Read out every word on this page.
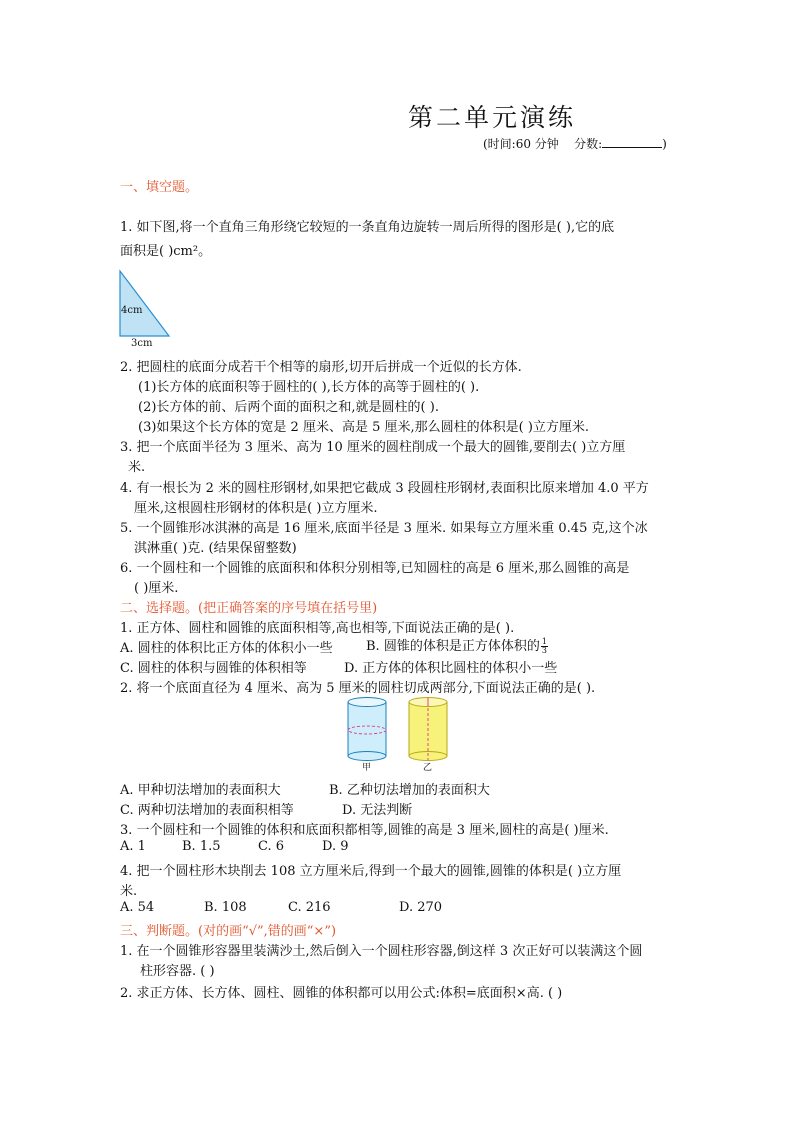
第二单元演练
(时间:60 分钟 分数:	)
一、填空题。
1. 如下图,将一个直角三角形绕它较短的一条直角边旋转一周后所得的图形是( ),它的底
面积是( )cm²。
4cm
3cm
2. 把圆柱的底面分成若干个相等的扇形,切开后拼成一个近似的长方体.
(1)长方体的底面积等于圆柱的( ),长方体的高等于圆柱的( ).
(2)长方体的前、后两个面的面积之和,就是圆柱的( ).
(3)如果这个长方体的宽是 2 厘米、高是 5 厘米,那么圆柱的体积是( )立方厘米.
3. 把一个底面半径为 3 厘米、高为 10 厘米的圆柱削成一个最大的圆锥,要削去( )立方厘
米.
4. 有一根长为 2 米的圆柱形钢材,如果把它截成 3 段圆柱形钢材,表面积比原来增加 4.0 平方
厘米,这根圆柱形钢材的体积是( )立方厘米.
5. 一个圆锥形冰淇淋的高是 16 厘米,底面半径是 3 厘米. 如果每立方厘米重 0.45 克,这个冰
淇淋重( )克. (结果保留整数)
6. 一个圆柱和一个圆锥的底面积和体积分别相等,已知圆柱的高是 6 厘米,那么圆锥的高是
( )厘米.
二、选择题。(把正确答案的序号填在括号里)
1. 正方体、圆柱和圆锥的底面积相等,高也相等,下面说法正确的是( ).
A. 圆柱的体积比正方体的体积小一些	B. 圆锥的体积是正方体体积的 $\frac{1}{3}$
C. 圆柱的体积与圆锥的体积相等	D. 正方体的体积比圆柱的体积小一些
2. 将一个底面直径为 4 厘米、高为 5 厘米的圆柱切成两部分,下面说法正确的是( ).
甲	乙
A. 甲种切法增加的表面积大	B. 乙种切法增加的表面积大
C. 两种切法增加的表面积相等	D. 无法判断
3. 一个圆柱和一个圆锥的体积和底面积都相等,圆锥的高是 3 厘米,圆柱的高是( )厘米.
A. 1	B. 1.5	C. 6	D. 9
4. 把一个圆柱形木块削去 108 立方厘米后,得到一个最大的圆锥,圆锥的体积是( )立方厘
米.
A. 54	B. 108	C. 216	D. 270
三、判断题。(对的画“√”,错的画“×”)
1. 在一个圆锥形容器里装满沙土,然后倒入一个圆柱形容器,倒这样 3 次正好可以装满这个圆
柱形容器. ( )
2. 求正方体、长方体、圆柱、圆锥的体积都可以用公式:体积=底面积×高. ( )
